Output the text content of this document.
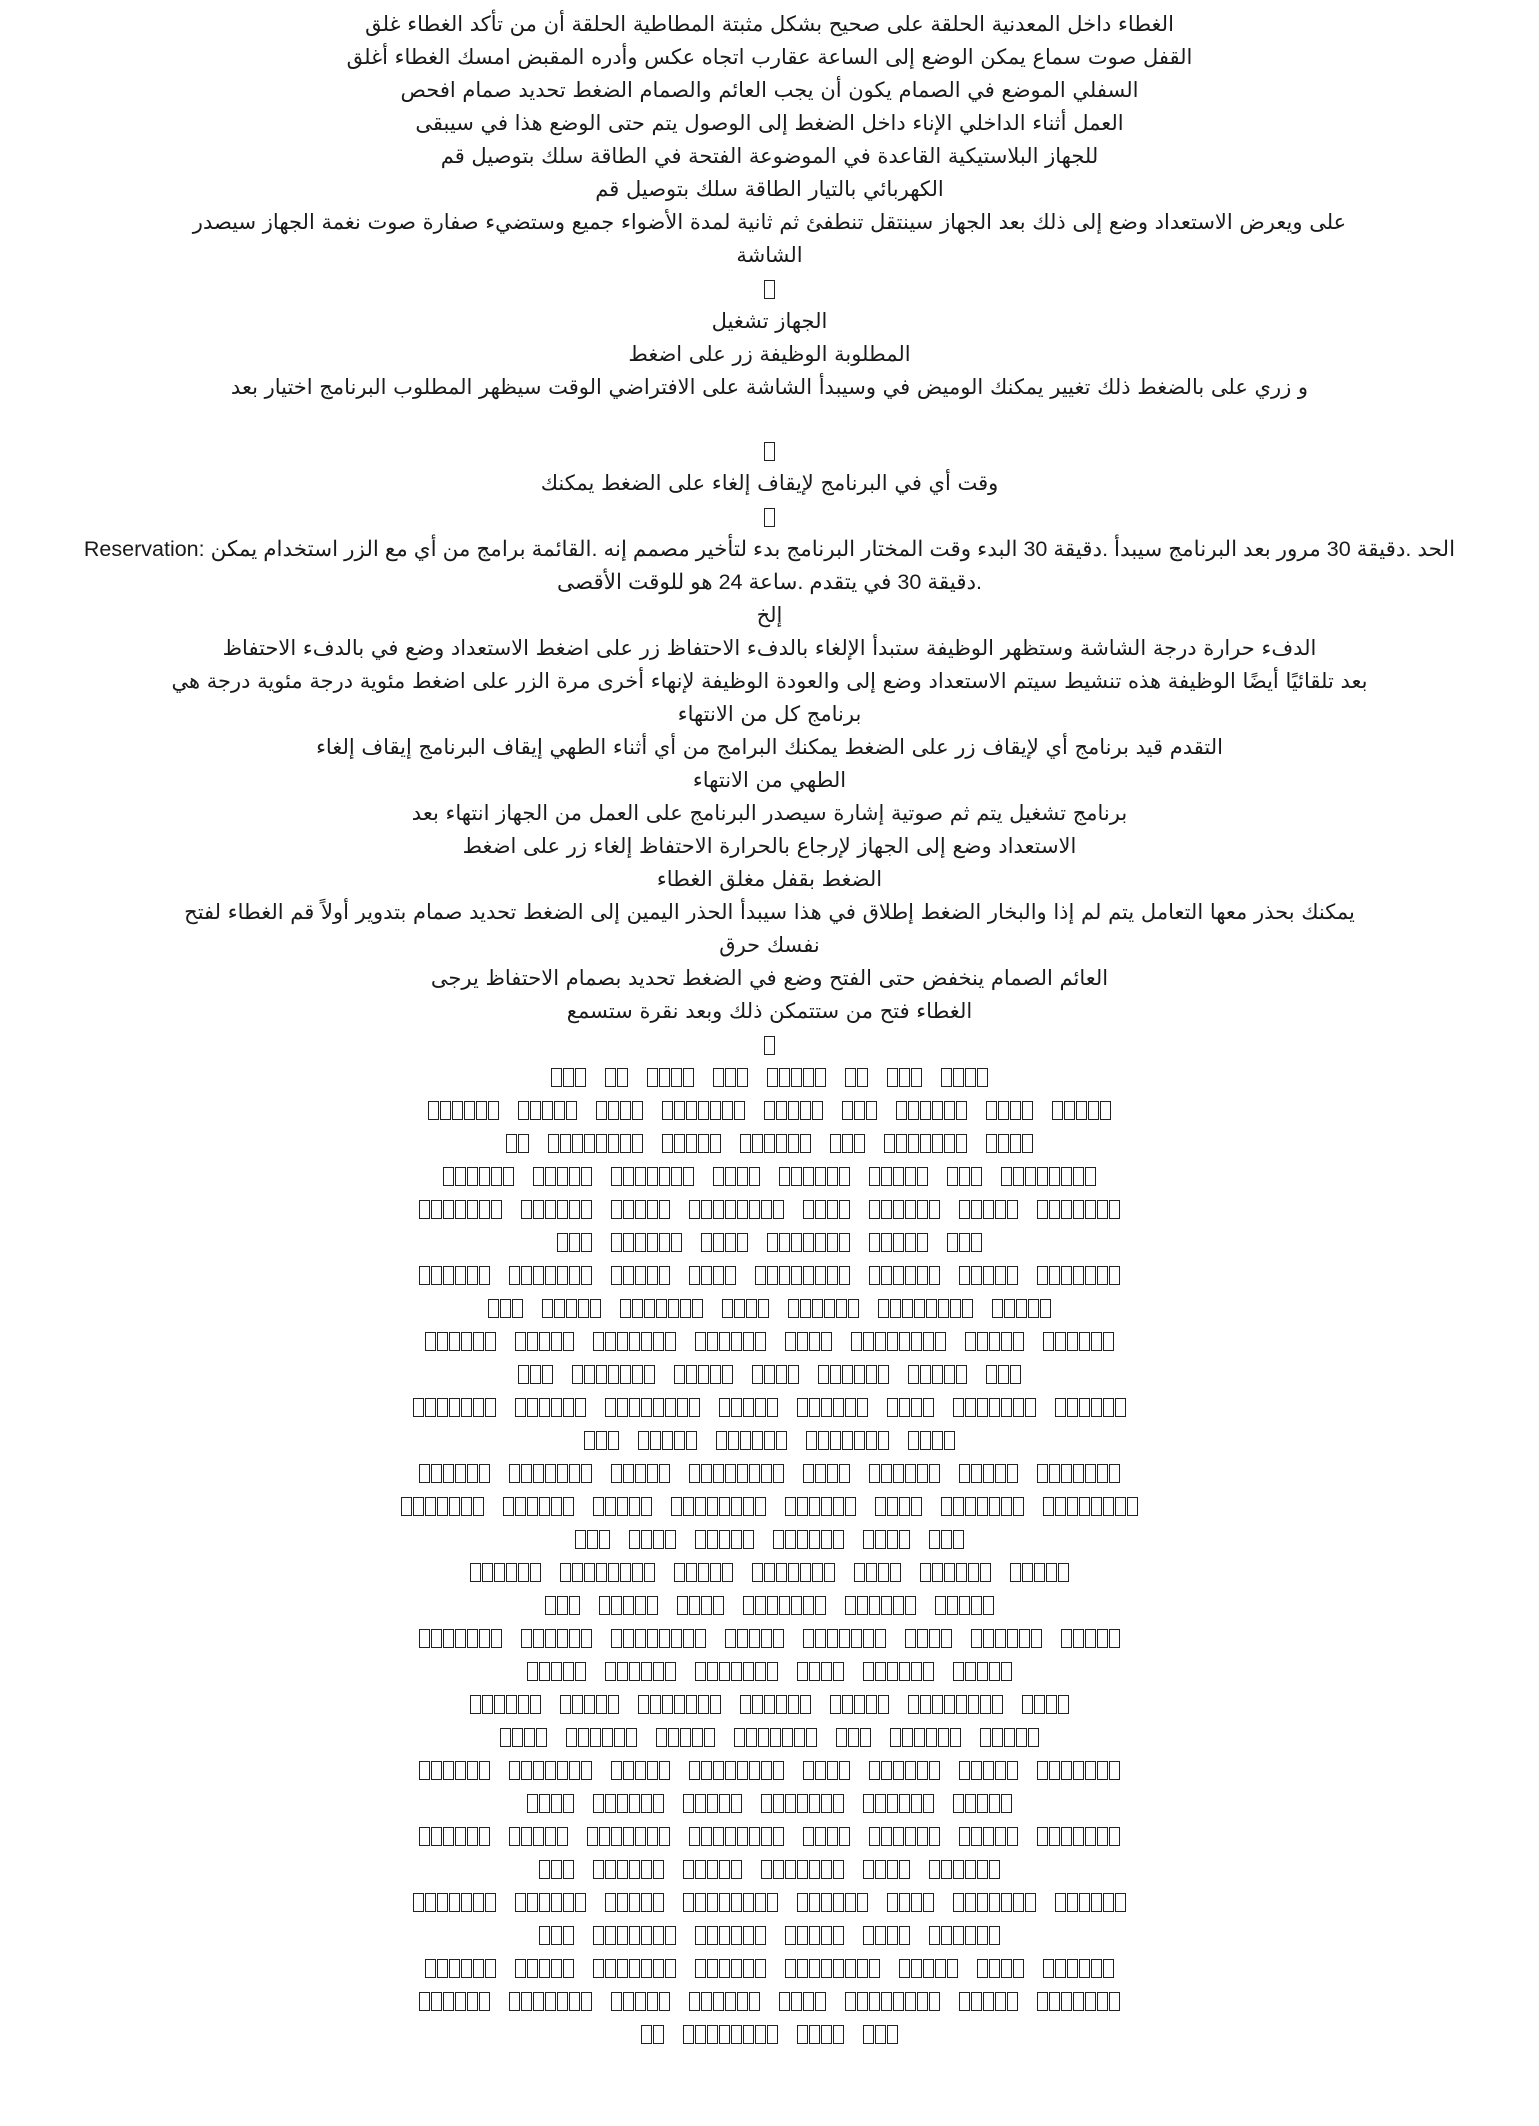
الغطاء داخل المعدنية الحلقة على صحيح بشكل مثبتة المطاطية الحلقة أن من تأكد الغطاء غلق
القفل صوت سماع يمكن الوضع إلى الساعة عقارب اتجاه عكس وأدره المقبض امسك الغطاء أغلق
السفلي الموضع في الصمام يكون أن يجب العائم والصمام الضغط تحديد صمام افحص
العمل أثناء الداخلي الإناء داخل الضغط إلى الوصول يتم حتى الوضع هذا في سيبقى
للجهاز البلاستيكية القاعدة في الموضوعة الفتحة في الطاقة سلك بتوصيل قم
الكهربائي بالتيار الطاقة سلك بتوصيل قم
على ويعرض الاستعداد وضع إلى ذلك بعد الجهاز سينتقل تنطفئ ثم ثانية لمدة الأضواء جميع وستضيء صفارة صوت نغمة الجهاز سيصدر
الشاشة
الجهاز تشغيل
المطلوبة الوظيفة زر على اضغط
و زري على بالضغط ذلك تغيير يمكنك الوميض في وسيبدأ الشاشة على الافتراضي الوقت سيظهر المطلوب البرنامج اختيار بعد
وقت أي في البرنامج لإيقاف إلغاء على الضغط يمكنك
الحد .دقيقة 30 مرور بعد البرنامج سيبدأ .دقيقة 30 البدء وقت المختار البرنامج بدء لتأخير مصمم إنه .القائمة برامج من أي مع الزر استخدام يمكن :Reservation
.دقيقة 30 في يتقدم .ساعة 24 هو للوقت الأقصى
إلخ
الدفء حرارة درجة الشاشة وستظهر الوظيفة ستبدأ الإلغاء بالدفء الاحتفاظ زر على اضغط الاستعداد وضع في بالدفء الاحتفاظ
بعد تلقائيًا أيضًا الوظيفة هذه تنشيط سيتم الاستعداد وضع إلى والعودة الوظيفة لإنهاء أخرى مرة الزر على اضغط مئوية درجة مئوية درجة هي
برنامج كل من الانتهاء
التقدم قيد برنامج أي لإيقاف زر على الضغط يمكنك البرامج من أي أثناء الطهي إيقاف البرنامج إيقاف إلغاء
الطهي من الانتهاء
برنامج تشغيل يتم ثم صوتية إشارة سيصدر البرنامج على العمل من الجهاز انتهاء بعد
الاستعداد وضع إلى الجهاز لإرجاع بالحرارة الاحتفاظ إلغاء زر على اضغط
الضغط بقفل مغلق الغطاء
يمكنك بحذر معها التعامل يتم لم إذا والبخار الضغط إطلاق في هذا سيبدأ الحذر اليمين إلى الضغط تحديد صمام بتدوير أولاً قم الغطاء لفتح
نفسك حرق
العائم الصمام ينخفض حتى الفتح وضع في الضغط تحديد بصمام الاحتفاظ يرجى
الغطاء فتح من ستتمكن ذلك وبعد نقرة ستسمع
